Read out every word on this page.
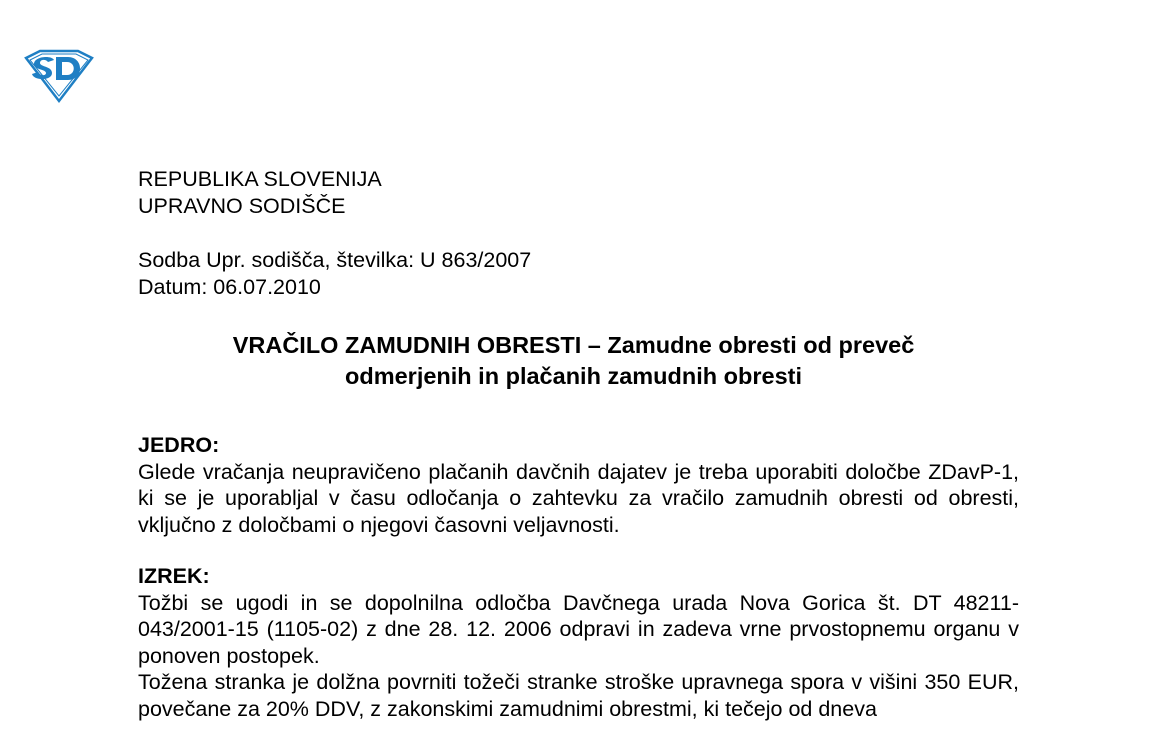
REPUBLIKA SLOVENIJA
UPRAVNO SODIŠČE
Sodba Upr. sodišča, številka: U 863/2007
Datum: 06.07.2010
VRAČILO ZAMUDNIH OBRESTI – Zamudne obresti od preveč
odmerjenih in plačanih zamudnih obresti
JEDRO:
Glede vračanja neupravičeno plačanih davčnih dajatev je treba uporabiti določbe ZDavP-1, ki se je uporabljal v času odločanja o zahtevku za vračilo zamudnih obresti od obresti, vključno z določbami o njegovi časovni veljavnosti.
IZREK:
Tožbi se ugodi in se dopolnilna odločba Davčnega urada Nova Gorica št. DT 48211-043/2001-15 (1105-02) z dne 28. 12. 2006 odpravi in zadeva vrne prvostopnemu organu v ponoven postopek.
Tožena stranka je dolžna povrniti tožeči stranke stroške upravnega spora v višini 350 EUR, povečane za 20% DDV, z zakonskimi zamudnimi obrestmi, ki tečejo od dneva
